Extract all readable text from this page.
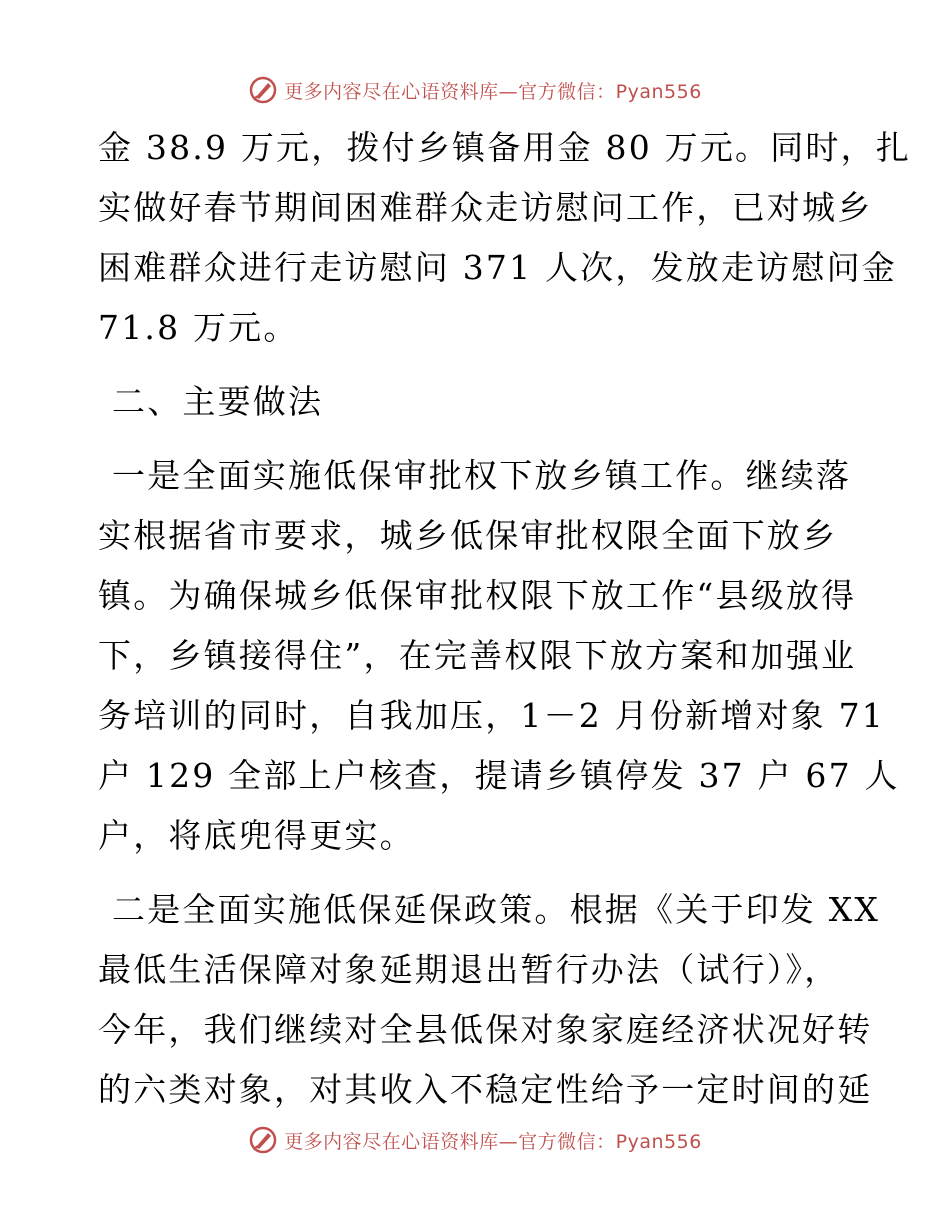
更多内容尽在心语资料库—官方微信：Pyan556
金 38.9 万元，拨付乡镇备用金 80 万元。同时，扎
实做好春节期间困难群众走访慰问工作，已对城乡
困难群众进行走访慰问 371 人次，发放走访慰问金
71.8 万元。
二、主要做法
一是全面实施低保审批权下放乡镇工作。继续落
实根据省市要求，城乡低保审批权限全面下放乡
镇。为确保城乡低保审批权限下放工作“县级放得
下，乡镇接得住”，在完善权限下放方案和加强业
务培训的同时，自我加压，1－2 月份新增对象 71
户 129 全部上户核查，提请乡镇停发 37 户 67 人
户，将底兜得更实。
二是全面实施低保延保政策。根据《关于印发 XX
最低生活保障对象延期退出暂行办法（试行）》，
今年，我们继续对全县低保对象家庭经济状况好转
的六类对象，对其收入不稳定性给予一定时间的延
更多内容尽在心语资料库—官方微信：Pyan556
